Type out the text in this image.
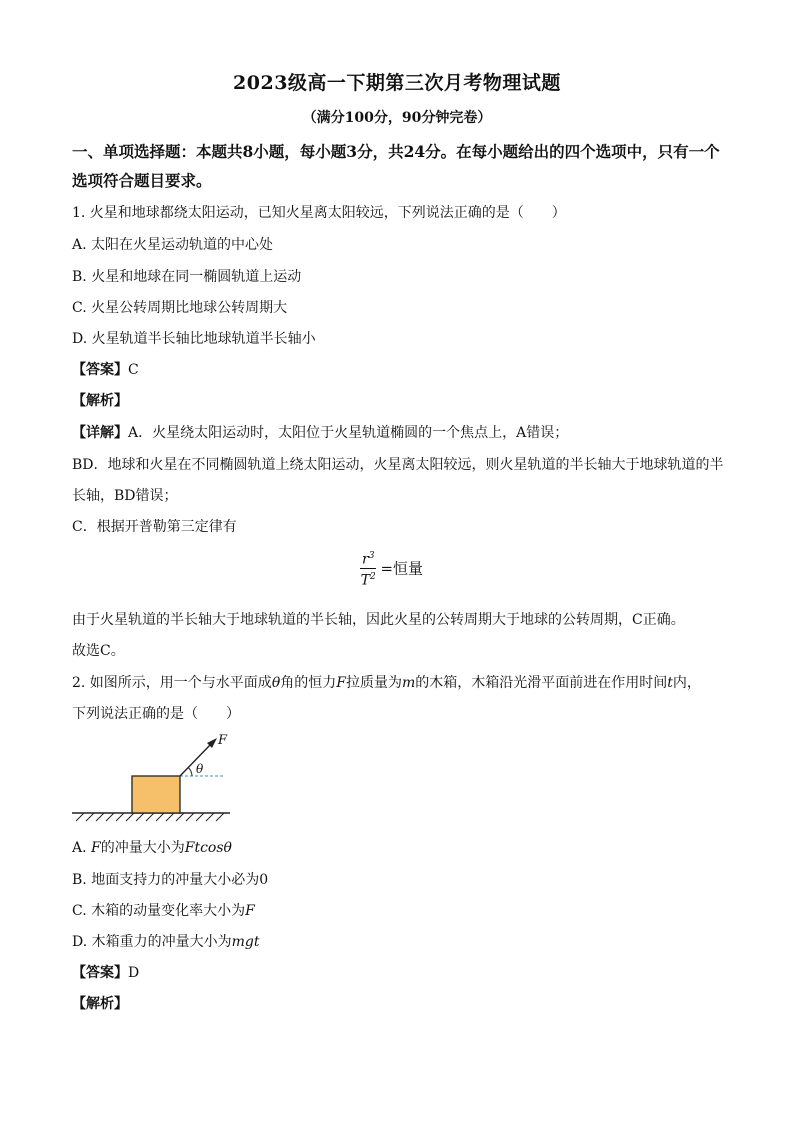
2023级高一下期第三次月考物理试题
（满分100分，90分钟完卷）
一、单项选择题：本题共8小题，每小题3分，共24分。在每小题给出的四个选项中，只有一个选项符合题目要求。
1. 火星和地球都绕太阳运动，已知火星离太阳较远，下列说法正确的是（　　）
A. 太阳在火星运动轨道的中心处
B. 火星和地球在同一椭圆轨道上运动
C. 火星公转周期比地球公转周期大
D. 火星轨道半长轴比地球轨道半长轴小
【答案】C
【解析】
【详解】A．火星绕太阳运动时，太阳位于火星轨道椭圆的一个焦点上，A错误；
BD．地球和火星在不同椭圆轨道上绕太阳运动，火星离太阳较远，则火星轨道的半长轴大于地球轨道的半
长轴，BD错误；
C．根据开普勒第三定律有
$\frac{r^3}{T^2}$ =恒量
由于火星轨道的半长轴大于地球轨道的半长轴，因此火星的公转周期大于地球的公转周期，C正确。
故选C。
2. 如图所示，用一个与水平面成θ角的恒力F拉质量为m的木箱，木箱沿光滑平面前进在作用时间t内，
下列说法正确的是（　　）
F
θ
A. F的冲量大小为Ftcosθ
B. 地面支持力的冲量大小必为0
C. 木箱的动量变化率大小为F
D. 木箱重力的冲量大小为mgt
【答案】D
【解析】
